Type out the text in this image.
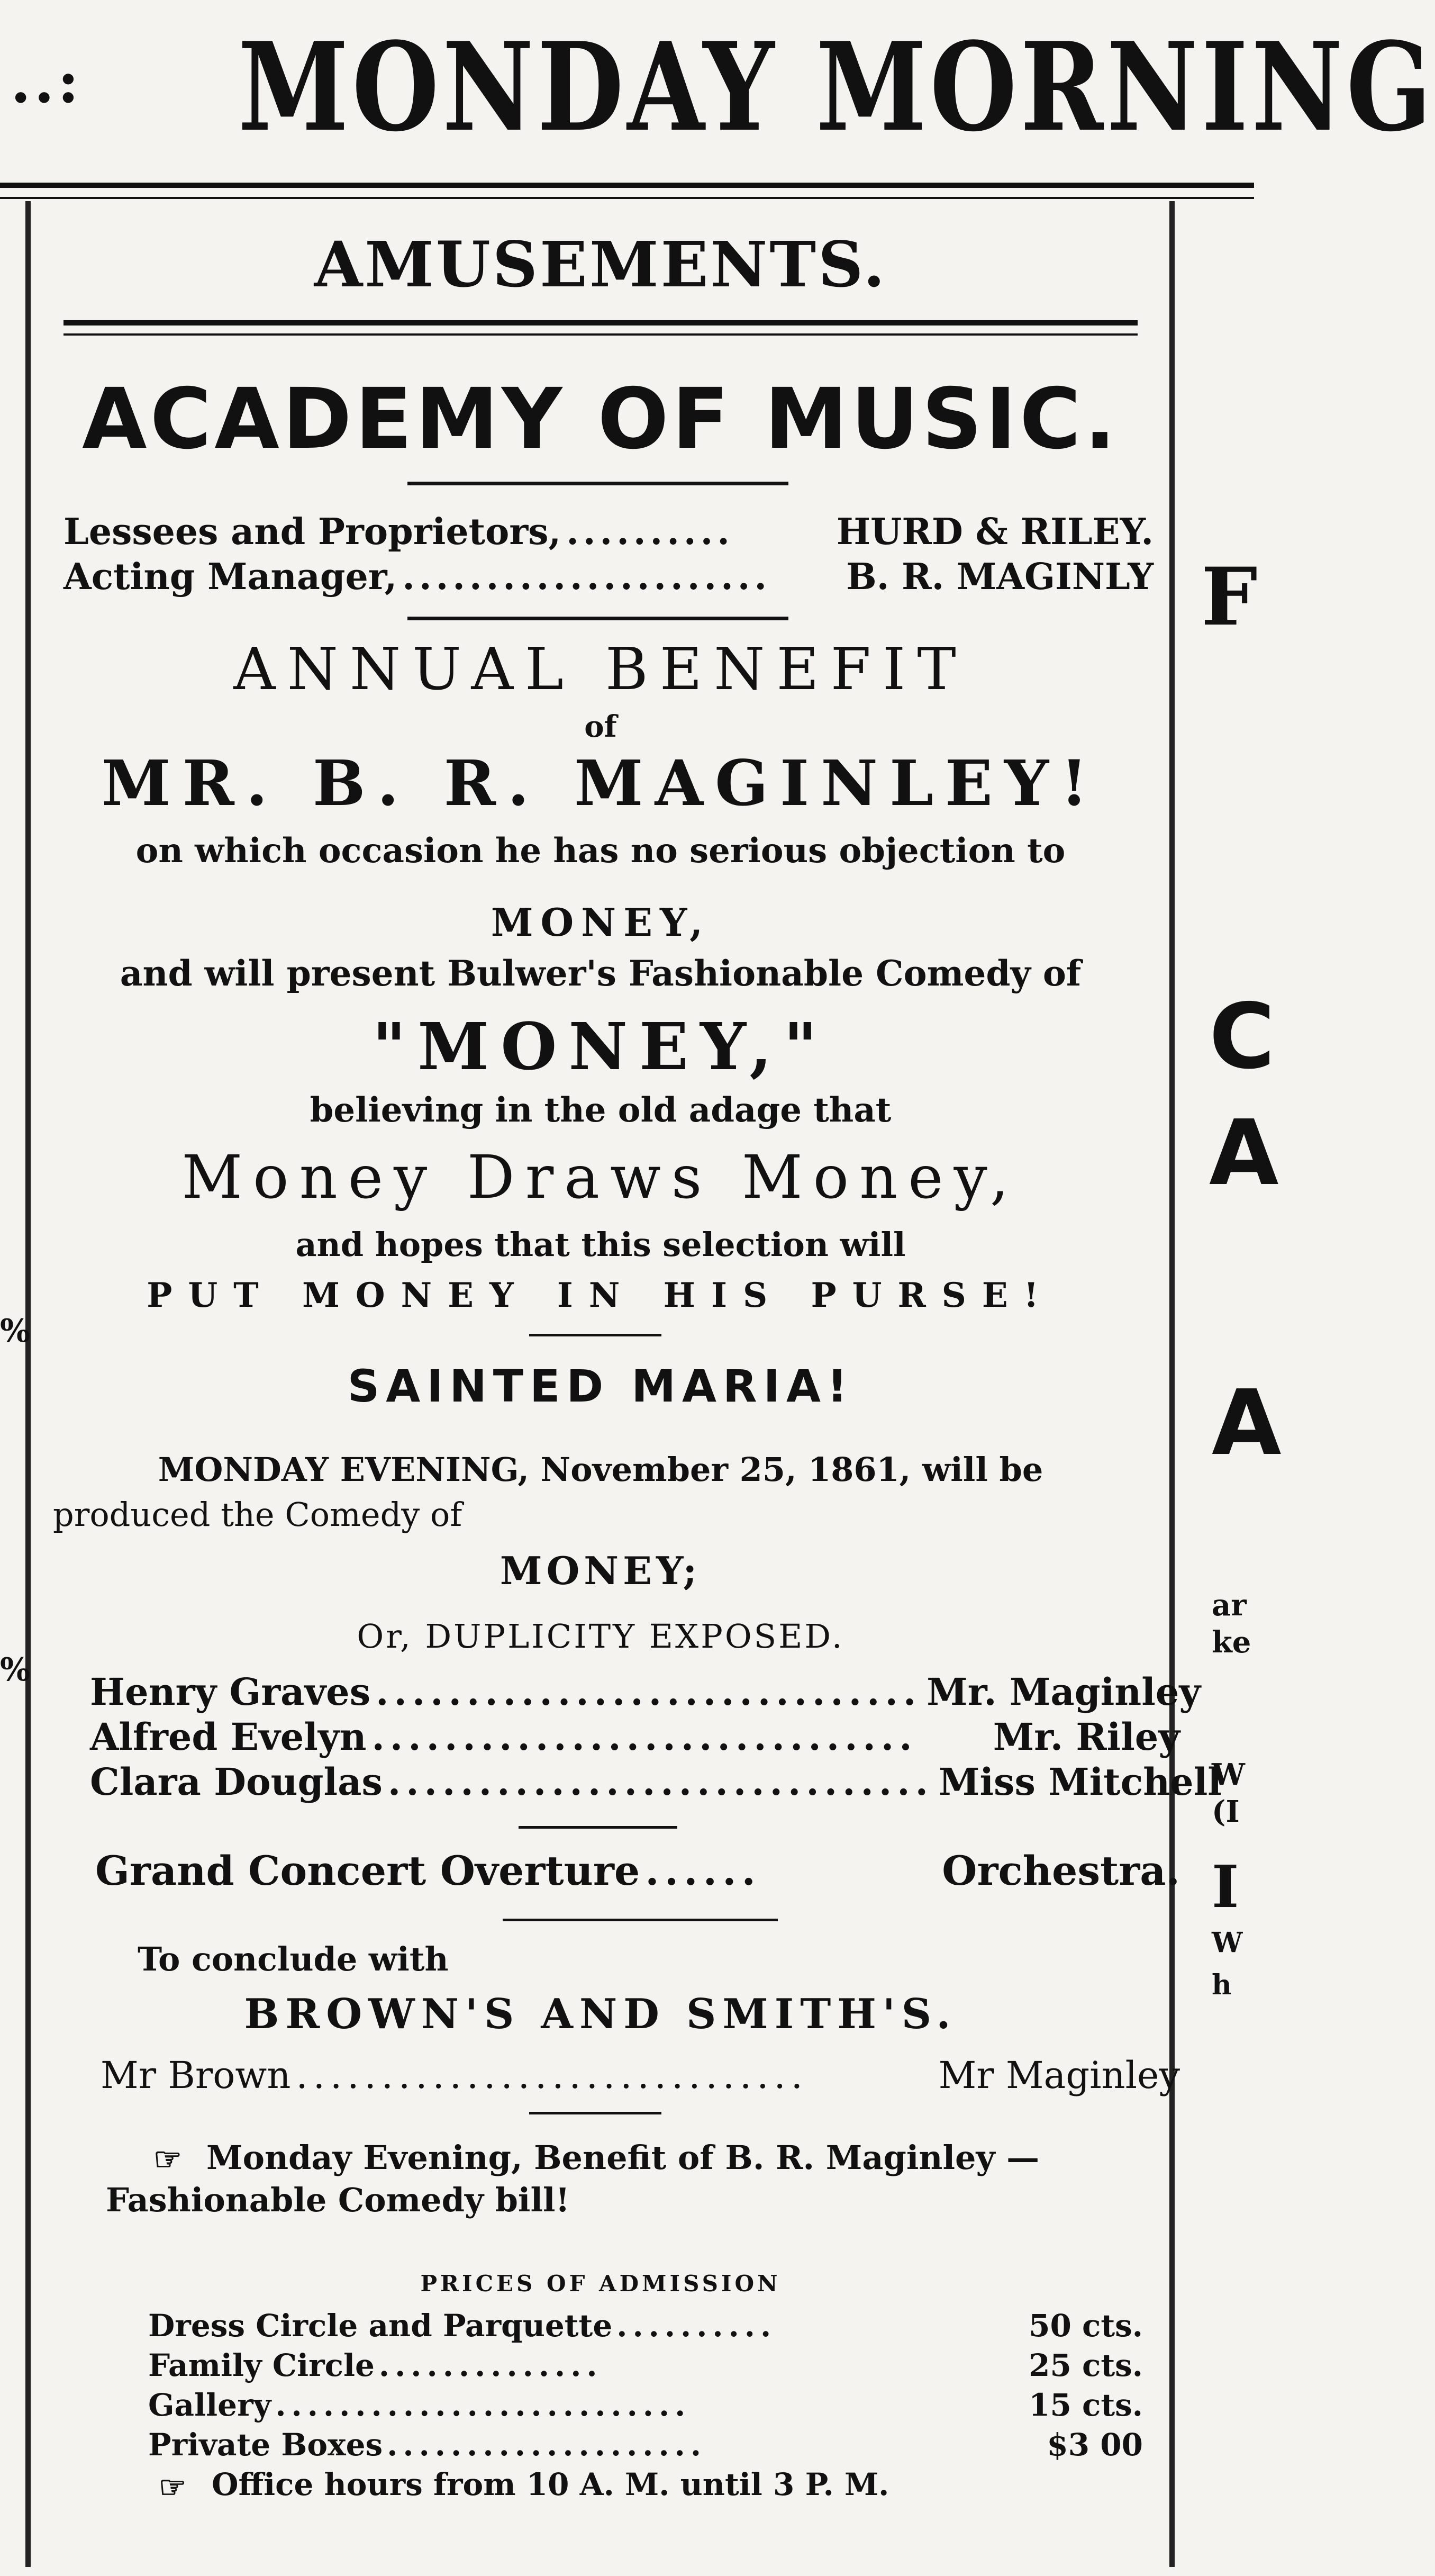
..: MONDAY MORNING
%
%
F
C
A
A
ar
ke
W
(I
I
W
h
AMUSEMENTS.
ACADEMY OF MUSIC.
Lessees and Proprietors, ..........	HURD & RILEY.
Acting Manager, ......................	B. R. MAGINLY
ANNUAL BENEFIT
of
MR. B. R. MAGINLEY!
on which occasion he has no serious objection to
MONEY,
and will present Bulwer's Fashionable Comedy of
"MONEY,"
believing in the old adage that
Money Draws Money,
and hopes that this selection will
PUT MONEY IN HIS PURSE!
SAINTED MARIA!
MONDAY EVENING, November 25, 1861, will be
produced the Comedy of
MONEY;
Or, DUPLICITY EXPOSED.
Henry Graves .............................. Mr. Maginley
Alfred Evelyn ..............................	Mr. Riley
Clara Douglas .............................. Miss Mitchell
Grand Concert Overture ......	Orchestra.
To conclude with
BROWN'S AND SMITH'S.
Mr Brown ..............................	Mr Maginley
☞ Monday Evening, Benefit of B. R. Maginley —
Fashionable Comedy bill!
PRICES OF ADMISSION
Dress Circle and Parquette ..........	50 cts.
Family Circle ..............	25 cts.
Gallery ..........................	15 cts.
Private Boxes ....................	$3 00
☞ Office hours from 10 A. M. until 3 P. M.
